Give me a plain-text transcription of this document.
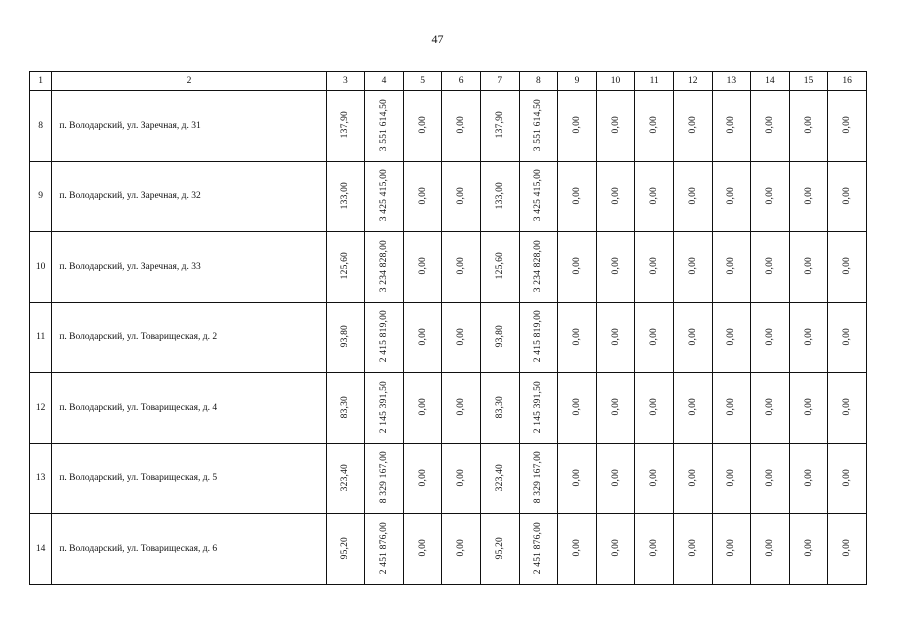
47
1	2	3	4	5	6	7	8	9	10	11	12	13	14	15	16
8	п. Володарский, ул. Заречная, д. 31	137,90	3 551 614,50	0,00	0,00	137,90	3 551 614,50	0,00	0,00	0,00	0,00	0,00	0,00	0,00	0,00
9	п. Володарский, ул. Заречная, д. 32	133,00	3 425 415,00	0,00	0,00	133,00	3 425 415,00	0,00	0,00	0,00	0,00	0,00	0,00	0,00	0,00
10	п. Володарский, ул. Заречная, д. 33	125,60	3 234 828,00	0,00	0,00	125,60	3 234 828,00	0,00	0,00	0,00	0,00	0,00	0,00	0,00	0,00
11	п. Володарский, ул. Товарищеская, д. 2	93,80	2 415 819,00	0,00	0,00	93,80	2 415 819,00	0,00	0,00	0,00	0,00	0,00	0,00	0,00	0,00
12	п. Володарский, ул. Товарищеская, д. 4	83,30	2 145 391,50	0,00	0,00	83,30	2 145 391,50	0,00	0,00	0,00	0,00	0,00	0,00	0,00	0,00
13	п. Володарский, ул. Товарищеская, д. 5	323,40	8 329 167,00	0,00	0,00	323,40	8 329 167,00	0,00	0,00	0,00	0,00	0,00	0,00	0,00	0,00
14	п. Володарский, ул. Товарищеская, д. 6	95,20	2 451 876,00	0,00	0,00	95,20	2 451 876,00	0,00	0,00	0,00	0,00	0,00	0,00	0,00	0,00
